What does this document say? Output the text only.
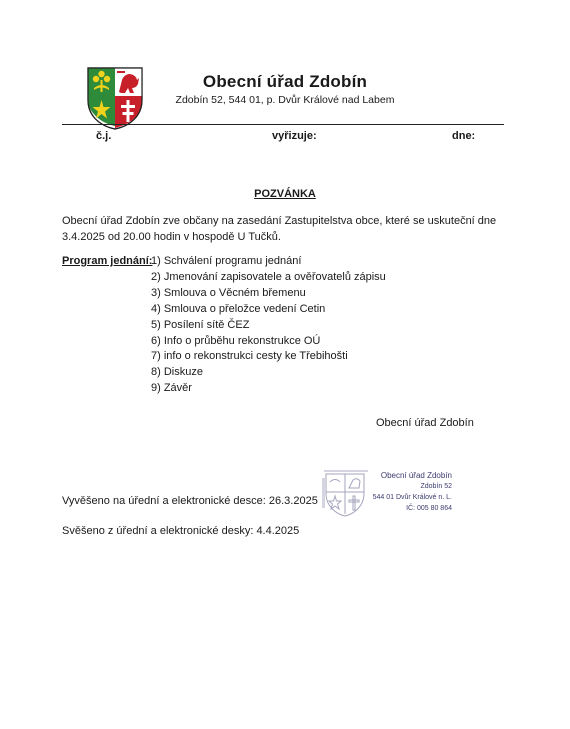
Obecní úřad Zdobín
Zdobín 52, 544 01, p. Dvůr Králové nad Labem
č.j.	vyřizuje:	dne:
POZVÁNKA
Obecní úřad Zdobín zve občany na zasedání Zastupitelstva obce, které se uskuteční dne 3.4.2025 od 20.00 hodin v hospodě U Tučků.
Program jednání:
1) Schválení programu jednání
2) Jmenování zapisovatele a ověřovatelů zápisu
3) Smlouva o Věcném břemenu
4) Smlouva o přeložce vedení Cetin
5) Posílení sítě ČEZ
6) Info o průběhu rekonstrukce OÚ
7) info o rekonstrukci cesty ke Třebihošti
8) Diskuze
9) Závěr
Obecní úřad Zdobín
Obecní úřad Zdobín
Zdobín 52
544 01 Dvůr Králové n. L.
IČ: 005 80 864
Vyvěšeno na úřední a elektronické desce: 26.3.2025
Svěšeno z úřední a elektronické desky: 4.4.2025
